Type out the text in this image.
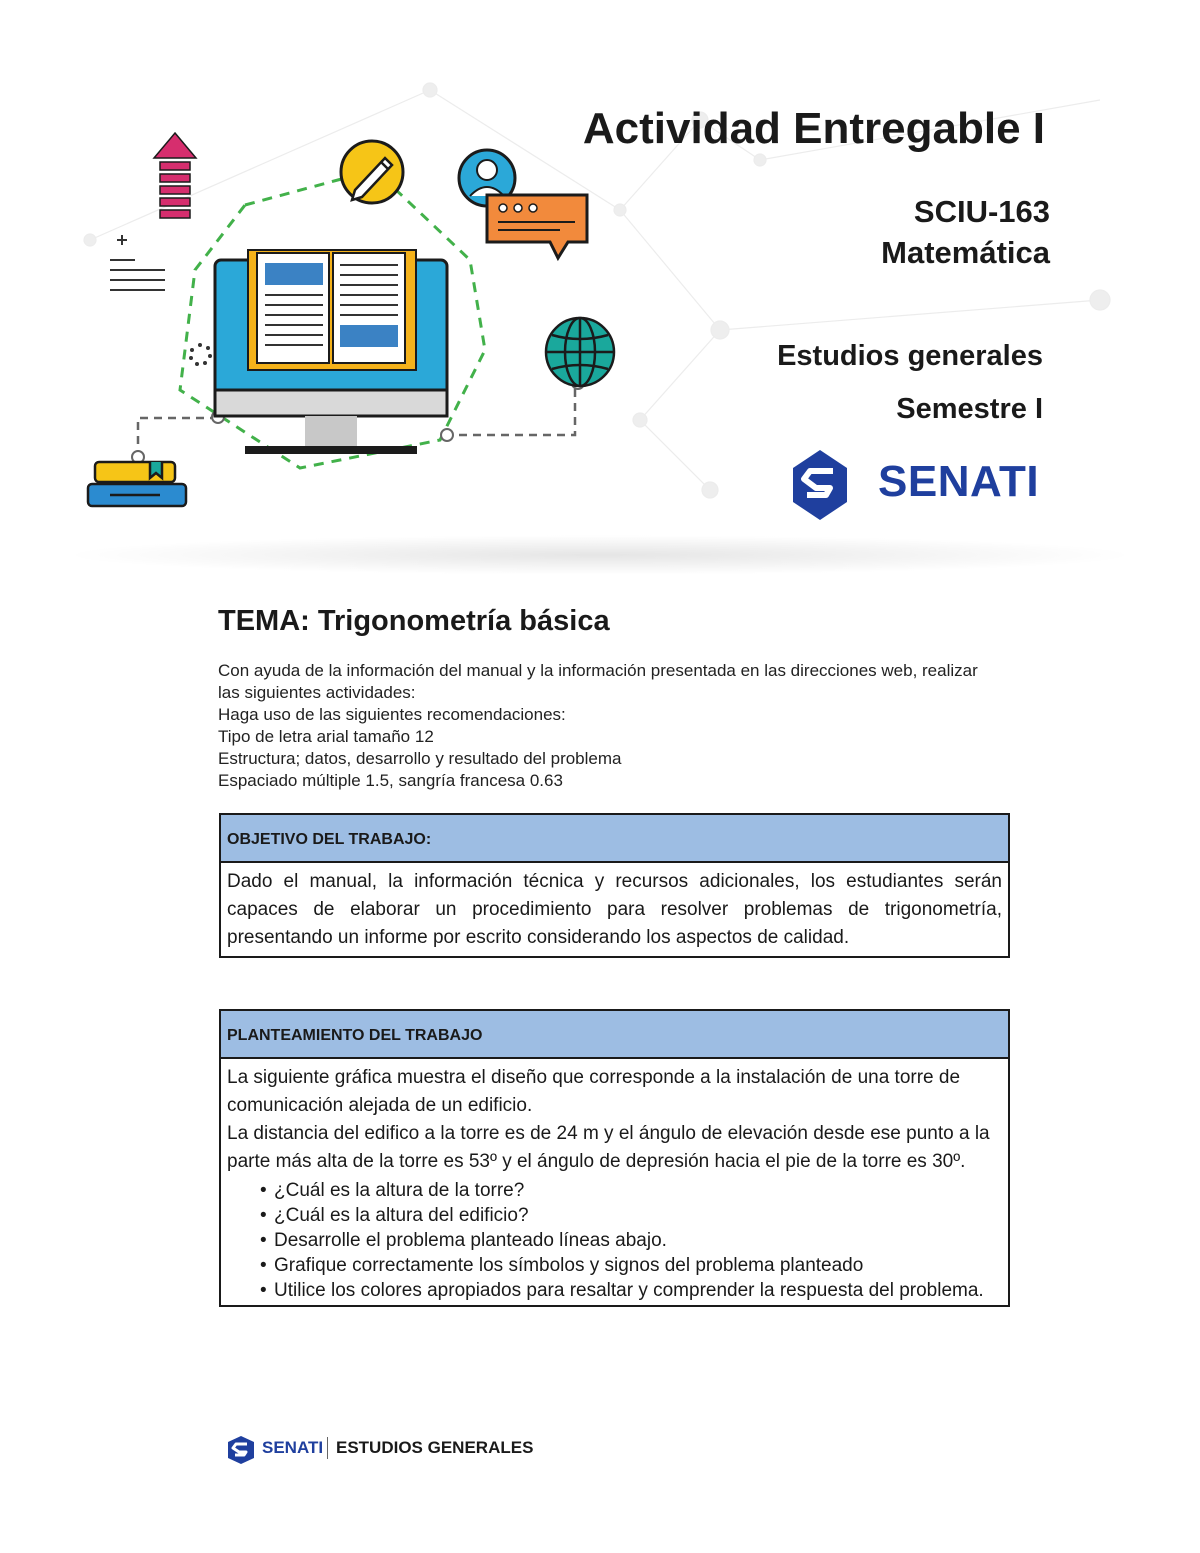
Actividad Entregable I
SCIU-163
Matemática
Estudios generales
Semestre I
SENATI
TEMA: Trigonometría básica
Con ayuda de la información del manual y la información presentada en las direcciones web, realizar las siguientes actividades:
Haga uso de las siguientes recomendaciones:
Tipo de letra arial tamaño 12
Estructura; datos, desarrollo y resultado del problema
Espaciado múltiple 1.5, sangría francesa 0.63
OBJETIVO DEL TRABAJO:
Dado el manual, la información técnica y recursos adicionales, los estudiantes serán capaces de elaborar un procedimiento para resolver problemas de trigonometría, presentando un informe por escrito considerando los aspectos de calidad.
PLANTEAMIENTO DEL TRABAJO
La siguiente gráfica muestra el diseño que corresponde a la instalación de una torre de comunicación alejada de un edificio.
La distancia del edifico a la torre es de 24 m y el ángulo de elevación desde ese punto a la parte más alta de la torre es 53º y el ángulo de depresión hacia el pie de la torre es 30º.
• ¿Cuál es la altura de la torre?
• ¿Cuál es la altura del edificio?
• Desarrolle el problema planteado líneas abajo.
• Grafique correctamente los símbolos y signos del problema planteado
• Utilice los colores apropiados para resaltar y comprender la respuesta del problema.
SENATI ESTUDIOS GENERALES
